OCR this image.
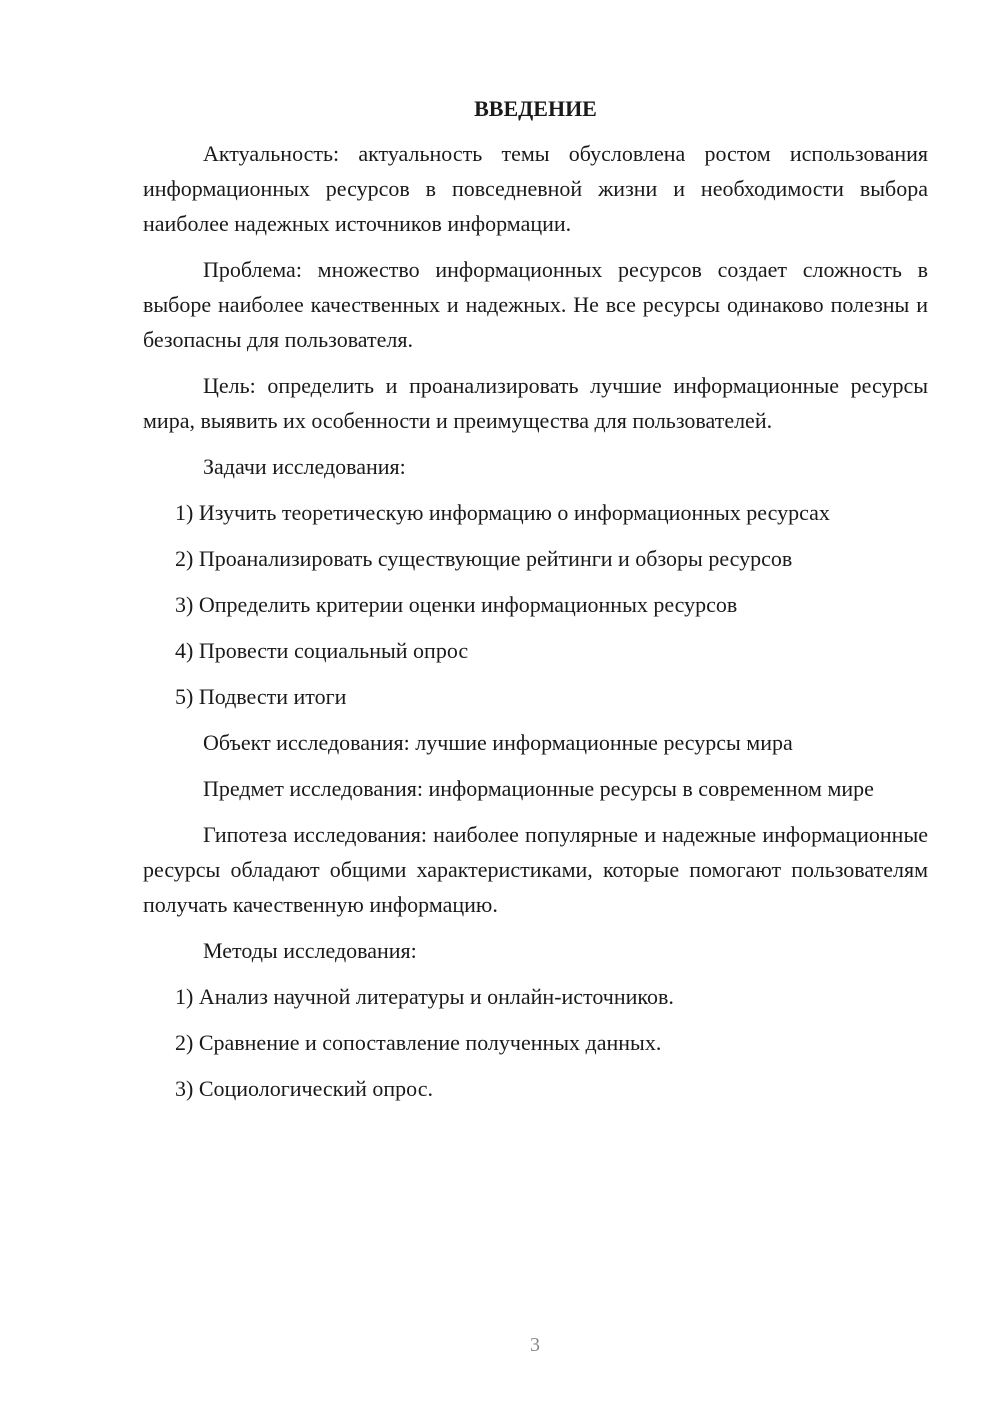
ВВЕДЕНИЕ

Актуальность: актуальность темы обусловлена ростом использования информационных ресурсов в повседневной жизни и необходимости выбора наиболее надежных источников информации.

Проблема: множество информационных ресурсов создает сложность в выборе наиболее качественных и надежных. Не все ресурсы одинаково полезны и безопасны для пользователя.

Цель: определить и проанализировать лучшие информационные ресурсы мира, выявить их особенности и преимущества для пользователей.

Задачи исследования:

1) Изучить теоретическую информацию о информационных ресурсах
2) Проанализировать существующие рейтинги и обзоры ресурсов
3) Определить критерии оценки информационных ресурсов
4) Провести социальный опрос
5) Подвести итоги

Объект исследования: лучшие информационные ресурсы мира

Предмет исследования: информационные ресурсы в современном мире

Гипотеза исследования: наиболее популярные и надежные информационные ресурсы обладают общими характеристиками, которые помогают пользователям получать качественную информацию.

Методы исследования:

1) Анализ научной литературы и онлайн-источников.
2) Сравнение и сопоставление полученных данных.
3) Социологический опрос.
3
